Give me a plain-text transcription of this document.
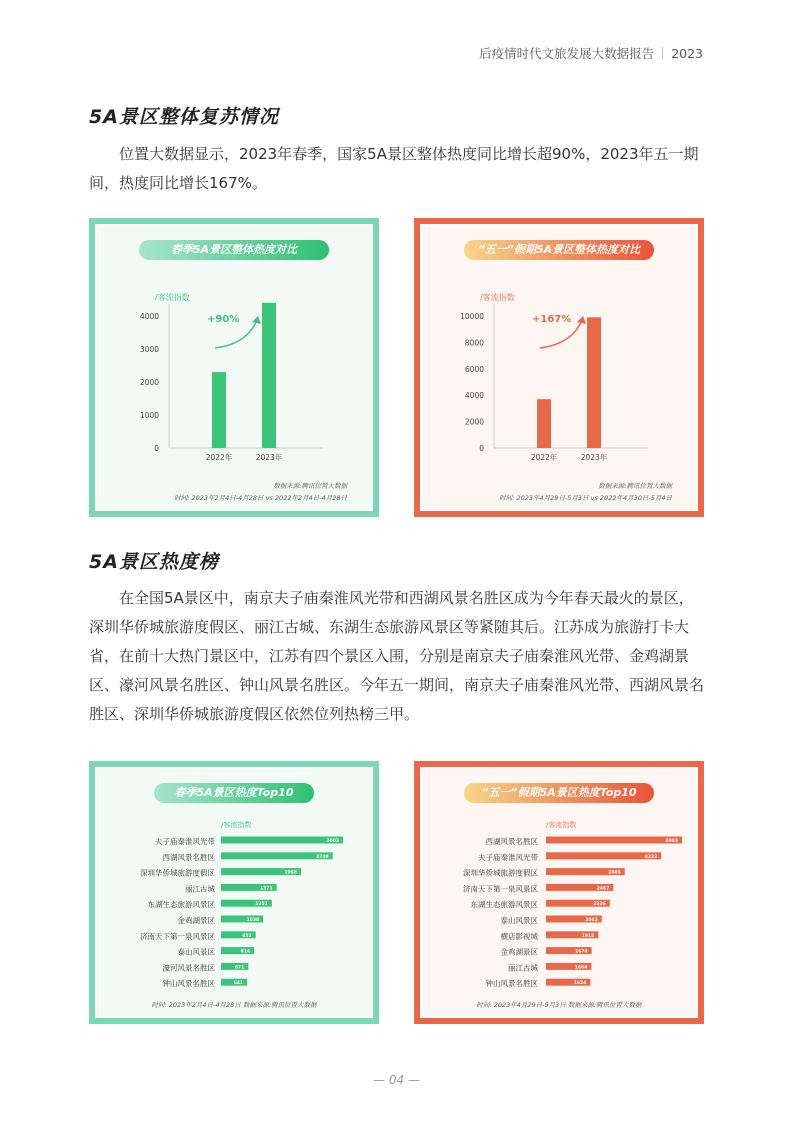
后疫情时代文旅发展大数据报告 2023
5A景区整体复苏情况
位置大数据显示，2023年春季，国家5A景区整体热度同比增长超90%，2023年五一期间，热度同比增长167%。
春季5A景区整体热度对比
/客流指数
0
1000
2000
3000
4000
2022年	2023年
+90%
数据来源:腾讯位置大数据
时间: 2023年2月4日-4月28日 vs 2022年2月4日-4月28日
“五一”假期5A景区整体热度对比
/客流指数
0
2000
4000
6000
8000
10000
2022年	2023年
+167%
数据来源:腾讯位置大数据
时间: 2023年4月29日-5月3日 vs 2022年4月30日-5月4日
5A景区热度榜
在全国5A景区中，南京夫子庙秦淮风光带和西湖风景名胜区成为今年春天最火的景区，深圳华侨城旅游度假区、丽江古城、东湖生态旅游风景区等紧随其后。江苏成为旅游打卡大省，在前十大热门景区中，江苏有四个景区入围，分别是南京夫子庙秦淮风光带、金鸡湖景区、濠河风景名胜区、钟山风景名胜区。今年五一期间，南京夫子庙秦淮风光带、西湖风景名胜区、深圳华侨城旅游度假区依然位列热榜三甲。
春季5A景区热度Top10
/客流指数
夫子庙秦淮风光带	3003
西湖风景名胜区	2749
深圳华侨城旅游度假区	1968
丽江古城	1371
东湖生态旅游风景区	1251
金鸡湖景区	1038
济南天下第一泉风景区	853
泰山风景区	814
濠河风景名胜区	671
钟山风景名胜区	641
时间: 2023年2月4日-4月28日 数据来源:腾讯位置大数据
“五一”假期5A景区热度Top10
/客流指数
西湖风景名胜区	4983
夫子庙秦淮风光带	4223
深圳华侨城旅游度假区	2886
济南天下第一泉风景区	2467
东湖生态旅游风景区	2336
泰山风景区	2043
横店影视城	1915
金鸡湖景区	1674
丽江古城	1664
钟山风景名胜区	1624
时间: 2023年4月29日-5月3日 数据来源:腾讯位置大数据
— 04 —
